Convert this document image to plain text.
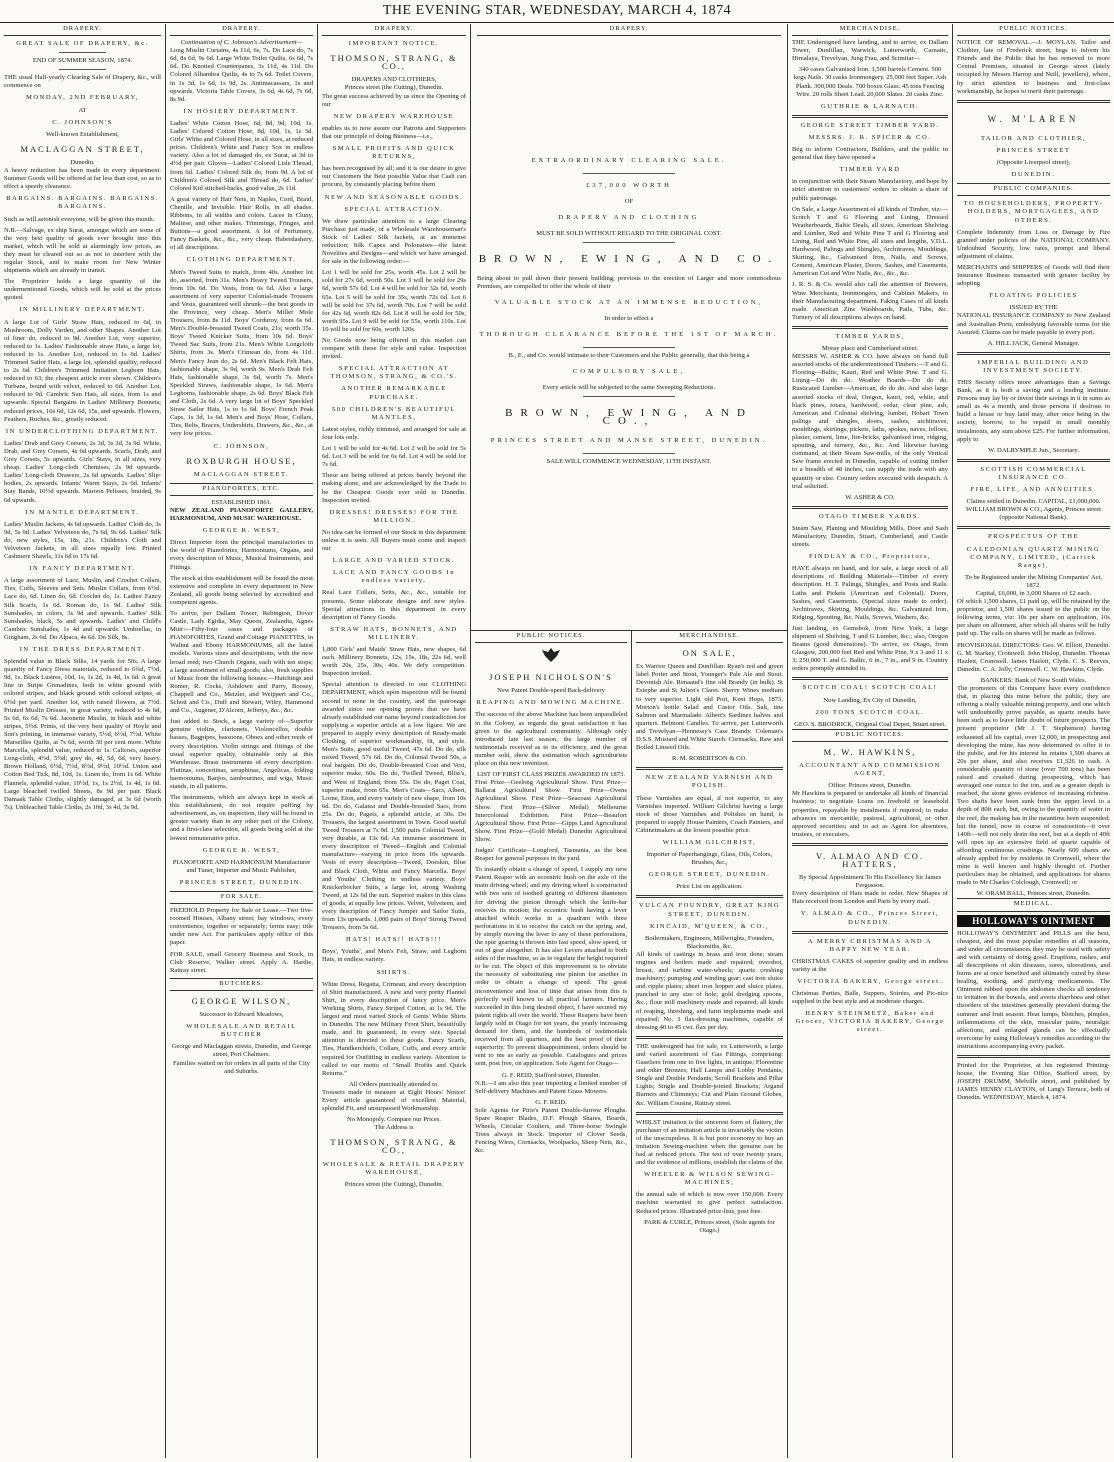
THE EVENING STAR, WEDNESDAY, MARCH 4, 1874
DRAPERY.
GREAT SALE OF DRAPERY, &c.
END OF SUMMER SEASON, 1874.

THE usual Half-yearly Clearing Sale of Drapery, &c., will commence on

MONDAY, 2ND FEBRUARY,
AT
C. JOHNSON'S
Well-known Establishment,
MACLAGGAN STREET,
Dunedin.

A heavy reduction has been made in every department. Summer Goods will be offered at far less than cost, so as to effect a speedy clearance.

BARGAINS. BARGAINS. BARGAINS. BARGAINS.

Such as will astonish everyone, will be given this month.

N.B.—Salvage, ex ship Surat, amongst which are some of the very best quality of goods ever brought into this market, which will be sold at alarmingly low prices, as they must be cleared out so as not to interfere with the regular Stock, and to make room for New Winter shipments which are already in transit.

The Proprietor holds a large quantity of the undermentioned Goods, which will be sold at the prices quoted.

IN MILLINERY DEPARTMENT.

A large Lot of Girls' Straw Hats, reduced to 6d, in Mushroom, Dolly Varden, and other Shapes. Another Lot of finer do, reduced to 9d. Another Lot, very superior, reduced to 1s. Ladies' Fashionable straw Hats, a large lot, reduced to 1s. Another Lot, reduced to 1s 6d. Ladies' Trimmed Sailor Hats, a large lot, splendid quality, reduced to 2s 6d. Children's Trimmed Imitation Leghorn Hats, reduced to 63; the cheapest article ever shown. Children's Turbans, bound with velvet, reduced to 6d. Another Lot, reduced to 9d. Cambric Sun Hats, all sizes, from 1s and upwards. Special Bargains in Ladies' Millinery Bonnets; reduced prices, 10s 6d, 12s 6d, 15s, and upwards. Flowers, Feathers, Ruches, &c., greatly reduced.

IN UNDERCLOTHING DEPARTMENT.

Ladies' Drab and Grey Corsets, 2s 3d, 3s 3d, 3s 9d. White, Drab, and Grey Corsets, 4s 6d upwards. Scarfs, Drab, and Grey Corsets, 5s upwards. Girls' Stays, in all sizes, very cheap. Ladies' Long-cloth Chemises, 2s 9d upwards. Ladies' Long-cloth Drawers, 2s 6d upwards. Ladies' Slip-bodies, 2s upwards. Infants' Warm Stays, 2s 6d. Infants' Stay Bands, 10½d upwards. Maroon Pelisses, braided, 9s 6d upwards.

IN MANTLE DEPARTMENT.

Ladies' Muslin Jackets, 4s 6d upwards. Ladies' Cloth do, 3s 9d, 5s 9d. Ladies' Velveteen do, 7s 6d, 9s 6d. Ladies' Silk do, new styles, 15s, 18s, 21s. Children's Cloth and Velveteen Jackets, in all sizes equally low. Printed Cashmere Shawls, 11s 6d to 17s 6d.

IN FANCY DEPARTMENT.

A large assortment of Lace, Muslin, and Crochet Collars, Ties, Cuffs, Sleeves and Sets. Muslin Collars, from 6½d. Lace do, 6d. Linen do, 6d. Crochet do, 1s. Ladies' Fancy Silk Scarfs, 1s 6d. Roman do, 1s 9d. Ladies' Silk Sunshades, in colors, 3s 9d and upwards. Ladies' Silk Sunshades, black, 5s and upwards. Ladies' and Child's Cambric Sunshades, 1s 4d and upwards. Umbrellas, in Gingham, 2s 6d. Do Alpaca, 4s 6d. Do Silk, 8s.

IN THE DRESS DEPARTMENT.

Splendid value in Black Silks, 14 yards for 50s. A large quantity of Fancy Dress materials, reduced to 6¾d, 7½d, 9d, 1s. Black Lustres, 10d, 1s, 1s 2d, 1s 4d, 1s 6d. A great line in Stripe Grenadines, both in white ground with colored stripes, and black ground with colored stripes, at 6½d per yard. Another lot, with raised flowers, at 7½d. Printed Muslin Dresses, in great variety, reduced to 4s 6d, 5s 6d, 6s 6d, 7s 6d. Jaconette Muslin, in black and white stripes, 5½d. Prints, of the very best quality of Hoyle and Son's printing, in immense variety, 5½d, 6½d, 7½d. White Marseilles Quilts, at 7s 6d, worth 30 per cent more. White Marcella, splendid value, reduced to 1s. Calicoes, superior Long-cloth, 4½d, 5½d; grey do, 4d, 5d, 6d, very heavy. Brown Holland, 6½d, 7½d, 8½d, 9½d, 10½d. Union and Cotton Bed Tick, 8d, 10d, 1s. Linen do, from 1s 6d. White Flannels, splendid value, 10½d, 1s, 1s 2½d, 1s 4d, 1s 6d. Large bleached twilled Sheets, 8s 9d per pair. Black Damask Table Cloths, slightly damaged, at 3s 6d (worth 7s). Unbleached Table Cloths, 2s 10d, 3s 4d, 3s 9d.

DRAPERY.
Continuation of C. Johnson's Advertisement—

Long Muslin Curtains, 4s 11d, 6s, 7s. Do Lace do, 7s 6d, 8s 6d, 9s 6d. Large White Toilet Quilts, 6s 6d, 7s 6d. Do Knotted Counterpanes, 3s 11d, 4s 11d. Do Colored Alhambra Quilts, 4s to 7s 6d. Toilet Covers, in 1s 3d, 1s 6d, 1s 9d, 2s. Antimacassars, 1s and upwards. Victoria Table Covers, 3s 6d, 4s 6d, 7s 6d, 8s 9d.

IN HOSIERY DEPARTMENT.

Ladies' White Cotton Hose, 6d, 8d, 9d, 10d, 1s. Ladies' Colored Cotton Hose, 8d, 10d, 1s, 1s 3d. Girls' White and Colored Hose, in all sizes, at reduced prices. Children's White and Fancy Sox in endless variety. Also a lot of damaged do, ex Surat, at 3d to 4½d per pair. Gloves—Ladies' Colored Lisle Thread, from 6d. Ladies' Colored Silk do, from 9d. A lot of Children's Colored Silk and Thread do, 6d. Ladies' Colored Kid stitched-backs, good value, 2s 11d.

A great variety of Hair Nets, in Naples, Cord, Braid, Chenille, and Invisible. Hair Rolls, in all shades. Ribbons, in all widths and colors. Laces in Cluny, Maltese, and other makes. Trimmings, Fringes, and Buttons—a good assortment. A lot of Perfumery, Fancy Baskets, &c., &c., very cheap. Haberdashery, of all descriptions.

CLOTHING DEPARTMENT.

Men's Tweed Suits to match, from 40s. Another lot do, assorted, from 31s. Men's Heavy Tweed Trousers, from 10s 6d. Do Vests, from 6s 6d. Also a large assortment of very superior Colonial-made Trousers and Vests, guaranteed well shrunk—the best goods in the Province, very cheap. Men's Miller Mole Trousers, from 8s 11d. Boys' Corduroy, from 6s 6d. Men's Double-breasted Tweed Coats, 21s; worth 35s. Boys' Tweed Knicker Suits, from 10s 6d. Boys' Tweed Sac Suits, from 21s. Men's White Longcloth Shirts, from 3s. Men's Crimean do, from 4s 11d. Men's Fancy Jean do, 2s 6d. Men's Black Felt Hats, fashionable shape, 3s 9d, worth 9s. Men's Drab Felt Hats, fashionable shape, 3s 6d, worth 7s. Men's Speckled Straws, fashionable shape, 1s 6d. Men's Leghorns, fashionable shape, 2s 6d. Boys' Black Felt and Cloth, 2s 6d. A very large lot of Boys' Speckled Straw Sailor Hats, 1s to 1s 6d. Boys' French Peak Caps, 1s 3d, 1s 6d. Men's and Boys' Hose, Collars, Ties, Belts, Braces, Undershirts, Drawers, &c., &c., at very low prices.

C. JOHNSON,
ROXBURGH HOUSE,
MACLAGGAN STREET.
PIANOFORTES, ETC.
ESTABLISHED 1861.

NEW ZEALAND PIANOFORTE GALLERY, HARMONIUM, AND MUSIC WAREHOUSE.

GEORGE R. WEST,

Direct Importer from the principal manufactories in the world of Pianofortes, Harmoniums, Organs, and every description of Music, Musical Instruments, and Fittings.

The stock at this establishment will be found the most extensive and complete in every department in New Zealand, all goods being selected by accredited and competent agents.

To arrive, per Dallam Tower, Rebington, Dover Castle, Lady Egidia, May Queen, Zealandia, Agnes Muir:—Fifty-four cases and packages of PIANOFORTES, Grand and Cottage PIANETTES, in Walnut and Ebony HARMONIUMS, all the latest models. Various sizes and descriptions, with the new broad reed; two Church Organs, each with ten stops; a large assortment of small goods; also, fresh supplies of Music from the following houses:—Hutchings and Romer, R. Cocks, Ashdown and Parry, Boosey, Chappell and Co., Metzler, and Weippert and Co., Schott and Co., Duff and Stewart, Wiley, Hammond and Co., Augener, D'Alcorn, Jefferys, &c., &c.

Just added to Stock, a large variety of—Superior genuine violins, clarionets, Violoncellos, double basses, Bagpipes, bassoons, Oboes and other reeds of every description. Violin strings and fittings of the usual superior quality, obtainable only at this Warehouse. Brass instruments of every description. Flutinas, concertinas, seraphinas, Angelicas, folding harmoniums, Banjos, tambourines, and wigs, Music stands, in all patterns.

The instruments, which are always kept in stock at this establishment, do not require puffing by advertisement, as, on inspection, they will be found in greater variety than in any other part of the Colony, and a first-class selection, all goods being sold at the lowest remunerative price.

GEORGE R. WEST,
PIANOFORTE AND HARMONIUM Manufacturer and Tuner, Importer and Music Publisher,
PRINCES STREET, DUNEDIN.
FOR SALE.

FREEHOLD Property for Sale or Lease.—Two five-roomed Houses, Albany street; bay windows, every convenience, together or separately; terms easy; title under new Act. For particulars apply office of this paper.

FOR SALE, small Grocery Business and Stock, in Club Reserve, Walker street. Apply A. Hardie, Rattray street.

BUTCHERS.
GEORGE WILSON,
Successor to Edward Meadows,
WHOLESALE AND RETAIL BUTCHER
George and Maclaggan streets, Dunedin, and George street, Port Chalmers.
Families waited on for orders in all parts of the City and Suburbs.
DRAPERY.
IMPORTANT NOTICE.
THOMSON, STRANG, & CO.,
DRAPERS AND CLOTHIERS,
Princes street (the Cutting), Dunedin.

The great success achieved by us since the Opening of our

NEW DRAPERY WAREHOUSE

enables us to now assure our Patrons and Supporters that our principle of doing Business—i.e.,

SMALL PROFITS AND QUICK RETURNS,

has been recognised by all; and it is our desire to give our Customers the Best possible Value that Cash can procure, by constantly placing before them

NEW AND SEASONABLE GOODS.
SPECIAL ATTRACTION.

We draw particular attention to a large Clearing Purchase just made, of a Wholesale Warehouseman's Stock of Ladies' Silk Jackets, at an immense reduction; Silk Capes and Polonaises—the latest Novelties and Designs—and which we have arranged for sale in the following order:—

Lot 1 will be sold for 25s, worth 45s. Lot 2 will be sold for 27s 6d, worth 50s. Lot 3 will be sold for 29s 6d, worth 57s 6d. Lot 4 will be sold for 32s 6d, worth 65s. Lot 5 will be sold for 35s, worth 72s 6d. Lot 6 will be sold for 37s 6d, worth 70s. Lot 7 will be sold for 42s 6d, worth 82s 6d. Lot 8 will be sold for 50s, worth 95s. Lot 9 will be sold for 55s, worth 110s. Lot 10 will be sold for 60s, worth 120s.

No Goods now being offered in this market can compare with these for style and value. Inspection invited.

SPECIAL ATTRACTION AT THOMSON, STRANG, & CO.'S.
ANOTHER REMARKABLE PURCHASE.
500 CHILDREN'S BEAUTIFUL MANTLES,

Latest styles, richly trimmed, and arranged for sale at four lots only.

Lot 1 will be sold for 4s 6d. Lot 2 will be sold for 5s 6d. Lot 3 will be sold for 6s 6d. Lot 4 will be sold for 7s 6d.

These are being offered at prices barely beyond the making alone, and are acknowledged by the Trade to be the Cheapest Goods ever sold in Dunedin. Inspection invited.

DRESSES! DRESSES! FOR THE MILLION.

No idea can be formed of our Stock in this department unless it is seen. All Buyers must come and inspect our

LARGE AND VARIED STOCK.
LACE AND FANCY GOODS In endless variety.

Real Lace Collars, Setts, &c., &c., suitable for presents. Some elaborate designs and new styles. Special attractions in this department in every description of Fancy Goods.

STRAW HATS, BONNETS, AND MILLINERY.

1,800 Girls' and Maids' Straw Hats, new shapes, 6d each. Millinery Bonnets, 12s, 15s, 18s, 22s 6d, well worth 20s, 25s, 30s, 40s. We defy competition. Inspection invited.

Special attention is directed to our CLOTHING DEPARTMENT, which upon inspection will be found second to none in the country, and the patronage awarded since our opening proves that we have already established our name beyond contradiction for supplying a superior article at a low figure. We are prepared to supply every description of Ready-made Clothing, of superior workmanship, fit, and style. Men's Suits, good useful Tweed, 47s 6d. Do do, silk mixed Tweed, 57s 6d. Do do, Colonial Tweed 50s, a real bargain. Do do, Double-breasted Coat and Vest, superior make, 60s. Do do, Twilled Tweed, Bliss's, and West of England, from 55s. Do do, Paget Coat, superior make, from 65s. Men's Coats—Sacs, Albert, Lorne, Eton, and every variety of new shape, from 10s 6d. Do do, Galatea and Double-breasted Sacs, from 25s. Do do, Pagets, a splendid article, at 30s. Do Trousers, the largest assortment in Town. Good useful Tweed Trousers at 7s 9d. 1,500 pairs Colonial Tweed, very durable, at 13s 6d. An immense assortment in every description of Tweed—English and Colonial manufacture—varying in price from 10s upwards. Vests of every description—Tweed, Doeskin, Blue and Black Cloth, White and Fancy Marcella. Boys' and Youths' Clothing in endless variety. Boys' Knickerbocker Suits, a large lot, strong Washing Tweed, at 12s 6d the suit. Superior makes in this class of goods, at equally low prices. Velvet, Velveteen, and every description of Fancy Jumper and Sailor Suits, from 13s upwards. 1,000 pairs of Boys' Strong Tweed Trousers, from 5s 6d.

HATS! HATS!! HATS!!!

Boys', Youths', and Men's Felt, Straw, and Leghorn Hats, in endless variety.

SHIRTS.

White Dress, Regatta, Crimean, and every description of Shirt manufactured. A new and very pretty Flannel Shirt, in every description of fancy price. Men's Working Shirts, Fancy Striped Cotton, at 1s 9d. The largest and most varied Stock of Gents' White Shirts in Dunedin. The new Military Front Shirt, beautifully made, and fit guaranteed, in every size. Special attention is directed to these goods. Fancy Scarfs, Ties, Handkerchiefs, Collars, Cuffs, and every article required for Outfitting in endless variety. Attention is called to our motto of "Small Profits and Quick Returns."

All Orders punctually attended to.

Trousers made to measure at Eight Hours' Notice! Every article guaranteed of excellent Material, splendid Fit, and unsurpassed Workmanship.

No Monopoly. Compare our Prices.
The Address is
THOMSON, STRANG, & CO.,
WHOLESALE & RETAIL DRAPERY WAREHOUSE,
Princes street (the Cutting), Dunedin.
DRAPERY.
EXTRAORDINARY CLEARING SALE.
£37,000 WORTH
OF
DRAPERY AND CLOTHING
MUST BE SOLD WITHOUT REGARD TO THE ORIGINAL COST.
BROWN, EWING, AND CO.

Being about to pull down their present building, previous to the erection of Larger and more commodious Premises, are compelled to offer the whole of their

VALUABLE STOCK AT AN IMMENSE REDUCTION,
In order to effect a
THOROUGH CLEARANCE BEFORE THE 1ST OF MARCH.
B., E., and Co. would intimate to their Customers and the Public generally, that this being a
COMPULSORY SALE,
Every article will be subjected to the same Sweeping Reductions.
BROWN, EWING, AND CO.,
PRINCES STREET AND MANSE STREET, DUNEDIN.
SALE WILL COMMENCE WEDNESDAY, 11TH INSTANT.
PUBLIC NOTICES.
JOSEPH NICHOLSON'S
New Patent Double-speed Back-delivery
REAPING AND MOWING MACHINE.

The success of the above Machine has been unparalleled in the Colony, as regards the great satisfaction it has given to the agricultural community. Although only introduced late last season, the large number of testimonials received as to its efficiency, and the great number sold, show the estimation which agriculturists place on this new invention.

LIST OF FIRST CLASS PRIZES AWARDED IN 1873.

First Prize—Geelong Agricultural Show. First Prize—Ballarat Agricultural Show. First Prize—Ovens Agricultural Show. First Prize—Seacoast Agricultural Show. First Prize—(Silver Medal) Melbourne Intercolonial Exhibition. First Prize—Beaufort Agricultural Show. First Prize—Gipps Land Agricultural Show. First Prize—(Gold Medal) Dunedin Agricultural Show.

Judges' Certificate—Longford, Tasmania, as the best Reaper for general purposes in the yard.

To instantly obtain a change of speed, I supply my new Patent Reaper with an eccentric bush on the axle of the main driving wheel; and my driving wheel is constructed with two sets of toothed gearing of different diameters for driving the pinion through which the knife-bar receives its motion; the eccentric bush having a lever attached which works in a quadrant with three perforations in it to receive the catch on the spring, and, by simply moving the lever to any of these perforations, the spur gearing is thrown into fast speed, slow speed, or out of gear altogether. It has also Levers attached to both sides of the machine, so as to regulate the height required to be cut. The object of this improvement is to obviate the necessity of substituting one pinion for another in order to obtain a change of speed. The great inconvenience and loss of time that arises from this is perfectly well known to all practical farmers. Having succeeded in this long desired object, I have secured my patent rights all over the world. These Reapers have been largely sold in Otago for ten years, the yearly increasing demand for them, and the hundreds of testimonials received from all quarters, and the best proof of their superiority. To prevent disappointment, orders should be sent to me as early as possible. Catalogues and prices sent, post free, on application. Sole Agent for Otago—

G. F. REID, Stafford street, Dunedin.

N.B.—I am also this year importing a limited number of Self-delivery Machines and Patent Grass Mowers.

G. F. REID.

Sole Agents for Pirie's Patent Double-furrow Ploughs. Spare Reaper Blades, D.F. Plough Shares, Boards, Wheels, Circular Coulters, and Three-horse Swingle Trees always in Stock. Importer of Clover Seeds, Fencing Wires, Cornsacks, Woolpacks, Sheep Nets, &c., &c.

MERCHANDISE.
ON SALE,

Ex Warrior Queen and Dunfillan: Ryan's red and green label Porter and Stout, Younger's Pale Ale and Stout. Devonish Ale. Renaaud's fine old Brandy (in bulk). St Estephe and St Julien's Claret. Sherry Wines medium to very superior. Light old Port, Kent Hops, 1873. Morton's bottle Salad and Castor Oils. Salt, tins Salmon and Marmalade. Albert's Sardines halves and quarters. Belmont Candles. To arrive, per Lutterworth and Trevelyan—Hennessy's Case Brandy. Coleman's D.S.S. Mustard and White Starch. Cornsacks, Raw and Boiled Linseed Oils.

R. M. ROBERTSON & CO.
NEW ZEALAND VARNISH AND POLISH.

These Varnishes are equal, if not superior, to any Varnishes imported. William Gilchrist having a large stock of those Varnishes and Polishes on hand, is prepared to supply House Painters, Coach Painters, and Cabinetmakers at the lowest possible price.

WILLIAM GILCHRIST,
Importer of Paperhangings, Glass, Oils, Colors, Brushes, &c.,
GEORGE STREET, DUNEDIN.
Price List on application.
VULCAN FOUNDRY, GREAT KING STREET, DUNEDIN.
KINCAID, M'QUEEN, & CO.,
Boilermakers, Engineers, Millwrights, Founders, Blacksmiths, &c.

All kinds of castings in brass and iron done; steam engines and boilers made and repaired; overshot, breast, and turbine water-wheels; quartz crushing machinery; pumping and winding gear; cast iron sluice and ripple plates; sheet iron hopper and sluice plates, punched to any size of hole; gold dredging spoons, &c.; flour mill machinery made and repaired; all kinds of reaping, threshing, and farm implements made and repaired; No. 3 flax-dressing machines, capable of dressing 40 to 45 cwt. flax per day.

THE undersigned has for sale, ex Lutterworth, a large and varied assortment of Gas Fittings, comprising: Gaseliers from one to five lights, in antique; Florentine and other Bronzes; Hall Lamps and Lobby Pendants; Single and Double Pendants; Scroll Brackets and Pillar Lights; Single and Double-jointed Brackets; Argand Burners and Chimneys; Cut and Plain Ground Globes, &c. William Cousins, Rattray street.

WHILST imitation is the sincerest form of flattery, the purchaser of an imitation article is invariably the victim of the unscrupulous. It is but poor economy to buy an imitation Sewing-machine when the genuine can be had at reduced prices. The test of over twenty years, and the evidence of millions, establish the claims of the

WHEELER & WILSON SEWING-MACHINES,

the annual sale of which is now over 150,000. Every machine warranted to give perfect satisfaction. Reduced prices. Illustrated price-lists, post free.

PARK & CURLE, Princes street, (Sole agents for Otago.)
MERCHANDISE.

THE Undersigned have landing, and to arrive, ex Dallam Tower, Dunfillan, Warwick, Lutterworth, Carnatic, Himalaya, Trevelyan, Jung Frau, and Scimitar—

340 cases Galvanised Iron. 1,500 barrels Cement. 500 kegs Nails. 30 casks Ironmongery. 25,000 feet Super. Ash Plank. 300,000 Deals. 700 boxes Glass. 45 tons Fencing Wire. 20 rolls Sheet Lead. 20,000 Slates. 20 casks Zinc.

GUTHRIE & LARNACH.
GEORGE STREET TIMBER YARD.
MESSRS. J. R. SPICER & CO.

Beg to inform Contractors, Builders, and the public in general that they have opened a

TIMBER YARD

in conjunction with their Steam Manufactory, and hope by strict attention to customers' orders to obtain a share of public patronage.

On Sale, a Large Assortment of all kinds of Timber, viz:—Scotch T and G Flooring and Lining, Dressed Weatherboards, Baltic Deals, all sizes, American Shelving and Lumber, Red and White Pine T and G Flooring and Lining, Red and White Pine, all sizes and lengths, V.D.L. Hardwood, Palings and Shingles, Architraves, Mouldings, Skirting, &c., Galvanised Iron, Nails, and Screws, Cement, American Plaster, Doors, Sashes, and Casements, American Cut and Wire Nails, &c., &c., &c.

J. R. S. & Co. would also call the attention of Brewers, Wine Merchants, Ironmongers, and Cabinet Makers, to their Manufacturing department. Faking Cases of all kinds made. American Zinc Washboards, Pails, Tubs, &c. Turnery of all descriptions always on hand.

TIMBER YARDS,
Moray place and Cumberland street.

MESSRS W. ASHER & CO. have always on hand full assorted stocks of the undermentioned Timbers:—T and G. Flooring—Baltic, Kauri, Red and White Pine. T and G. Lining—Do do do. Weather Boards—Do do do. Rusticated Lumber—American, do do do. And also large assorted stocks of deal, Oregon, kauri, red, white, and black pines, totara, hardwood, cedar, clear pine, ash, American and Colonial shelving, lumber, Hobart Town palings and shingles, doors, sashes, architraves, mouldings, skirtings, pickets, laths, spokes, naves, felloes, plaster, cement, lime, fire-bricks, galvanised iron, ridging, spouting, and turnery, &c., &c. And likewise having command, at their Steam Saw-mills, of the only Vertical Saw frame erected in Dunedin, capable of cutting timber to a breadth of 48 inches, can supply the trade with any quantity or size. Country orders executed with despatch. A trial solicited.

W. ASHER & CO.
OTAGO TIMBER YARDS.

Steam Saw, Planing and Moulding Mills, Door and Sash Manufactory, Dunedin, Stuart, Cumberland, and Castle streets.

FINDLAY & CO., Proprietors,

HAVE always on hand, and for sale, a large stock of all descriptions of Building Materials—Timber of every description. H. T. Palings, Shingles, and Posts and Rails. Laths and Pickets (American and Colonial). Doors, Sashes, and Casements. (Special sizes made to order). Architraves, Skirting, Mouldings, &c. Galvanized Iron, Ridging, Spouting, &c. Nails, Screws, Washers, &c.

Just landing, ex Gemsbok, from New York, a large shipment of Shelving, T and G Lumber, &c.; also, Oregon Beams (good dimensions). To arrive, ex Otago, from Glasgow, 200,000 feet Red and White Pine, 9 x 3 and 11 x 3; 250,000 T. and G. Baltic, 6 in., 7 in., and 9 in. Country orders promptly attended to.

SCOTCH COAL! SCOTCH COAL!
Now Landing, Ex City of Dunedin,
200 TONS SCOTCH COAL.
GEO. S. BRODRICK, Original Coal Depot, Stuart street.
PUBLIC NOTICES.
M. W. HAWKINS,
ACCOUNTANT AND COMMISSION AGENT,
Office: Princes street, Dunedin.

Mr Hawkins is prepared to undertake all kinds of financial business; to negotiate Loans on freehold or leasehold properties, repayable by instalments if required; to make advances on mercantile, pastoral, agricultural, or other approved securities; and to act as Agent for absentees, trustees, or executors.

V. ALMAO AND CO. HATTERS,
By Special Appointment To His Excellency Sir James Fergusson.

Every description of Hats made to order. New Shapes of Hats received from London and Paris by every mail.

V. ALMAO & CO., Princes Street, DUNEDIN.
A MERRY CHRISTMAS AND A HAPPY NEW YEAR.

CHRISTMAS CAKES of superior quality and in endless variety at the

VICTORIA BAKERY, George street.

Christmas Parties, Balls, Suppers, Soirées, and Pic-nics supplied in the best style and at moderate charges.

HENRY STEINMETZ, Baker and Grocer, VICTORIA BAKERY, George street.
PUBLIC NOTICES.

NOTICE OF REMOVAL.—J. MOYLAN, Tailor and Clothier, late of Frederick street, begs to inform his Friends and the Public that he has removed to more Central Premises, situated in George street (lately occupied by Messrs Harrop and Neill, jewellers), where, by strict attention to business and first-class workmanship, he hopes to merit their patronage.

W. M'LAREN
TAILOR AND CLOTHIER,
PRINCES STREET
(Opposite Liverpool street),
DUNEDIN.
PUBLIC COMPANIES.
TO HOUSEHOLDERS, PROPERTY-HOLDERS, MORTGAGEES, AND OTHERS.

Complete Indemnity from Loss or Damage by Fire granted under policies of the NATIONAL COMPANY. Undoubted Security, low rates, prompt and liberal adjustment of claims.

MERCHANTS and SHIPPERS of Goods will find their Insurance Business transacted with greater facility by adopting

FLOATING POLICIES
ISSUED BY THE

NATIONAL INSURANCE COMPANY to New Zealand and Australian Ports, embodying favorable terms for the Assured. Claims can be made payable in every port.

A. HILL JACK, General Manager.
IMPERIAL BUILDING AND INVESTMENT SOCIETY.

THIS Society offers more advantages than a Savings Bank, as it is both a saving and a lending institute. Persons may lay by or invest their savings in it in sums as small as 4s a month, and those persons if desirous to build a house or buy land may, after once being in the society, borrow, to be repaid in small monthly instalments, any sum above £25. For further information, apply to

W. DALRYMPLE Jun., Secretary.
SCOTTISH COMMERCIAL INSURANCE CO.
FIRE, LIFE, AND ANNUITIES.
Claims settled in Dunedin. CAPITAL, £1,000,000.
WILLIAM BROWN & CO., Agents, Princes street (opposite National Bank).
PROSPECTUS OF THE
CALEDONIAN QUARTZ MINING COMPANY, LIMITED, (Carrick Range),
To be Registered under the Mining Companies' Act, 1872.
Capital, £6,000, in 3,000 Shares of £2 each.

Of which 1,500 shares, £1 paid up, will be retained by the proprietor, and 1,500 shares issued to the public on the following terms, viz: 10s per share on application, 10s per share on allotment, after which all shares will be fully paid up. The calls on shares will be made as follows.

PROVISIONAL DIRECTORS: Geo. W. Elliott, Dunedin. G. M. Starkey, Cromwell. John Hislop, Dunedin. Thomas Hazlett, Cromwell. James Hazlett, Clyde. C. S. Reeves, Dunedin. C. A. Jolly, Cromwell. C. W. Hawkins, Clyde.

BANKERS: Bank of New South Wales.

The promoters of this Company have every confidence that, in placing this mine before the public, they are offering a really valuable mining property, and one which will undoubtedly prove payable, as quartz results have been such as to leave little doubt of future prospects. The present proprietor (Mr J. T. Stephenson) having exhausted all his capital, over 12,000, in prospecting and developing the mine, has now determined to offer it to the public, and for his interest he retains 1,500 shares at 20s per share, and also receives £1,326 in cash. A considerable quantity of stone (over 700 tons) has been raised and crushed during prospecting, which has averaged one ounce to the ton, and as a greater depth is reached, the stone gives evidence of increasing richness. Two shafts have been sunk from the upper level to a depth of 80ft each, but, owing to the quantity of water in the reef, the making has in the meantime been suspended; but the tunnel, now in course of construction—it over 140ft—will not only drain the reef, but at a depth of 40ft will open up an extensive field of quartz capable of affording continuous crushings. Nearly 600 shares are already applied for by residents in Cromwell, where the mine is well known and highly thought of. Further particulars may be obtained, and applications for shares made to Mr Charles Colclough, Cromwell; or

W. ORAM BALL, Princes street, Dunedin.
MEDICAL.
HOLLOWAY'S OINTMENT

HOLLOWAY'S OINTMENT and PILLS are the best, cheapest, and the most popular remedies at all seasons, and under all circumstances they may be used with safety and with certainty of doing good. Eruptions, rashes, and all descriptions of skin diseases, sores, ulcerations, and burns are at once benefited and ultimately cured by these healing, soothing, and purifying medicaments. The Ointment rubbed upon the abdomen checks all tendency to irritation in the bowels, and averts diarrhoea and other disorders of the intestines generally prevalent during the summer and fruit season. Heat lumps, blotches, pimples, inflammations of the skin, muscular pains, neuralgic affections, and enlarged glands can be effectually overcome by using Holloway's remedies according to the instructions accompanying every packet.

Printed for the Proprietor, at his registered Printing-house, the Evening Star Office, Stafford street, by JOSEPH DRUMM, Melville street, and published by JAMES HENRY CLAYTON, of Lang's Terrace, both of Dunedin. WEDNESDAY, March 4, 1874.
